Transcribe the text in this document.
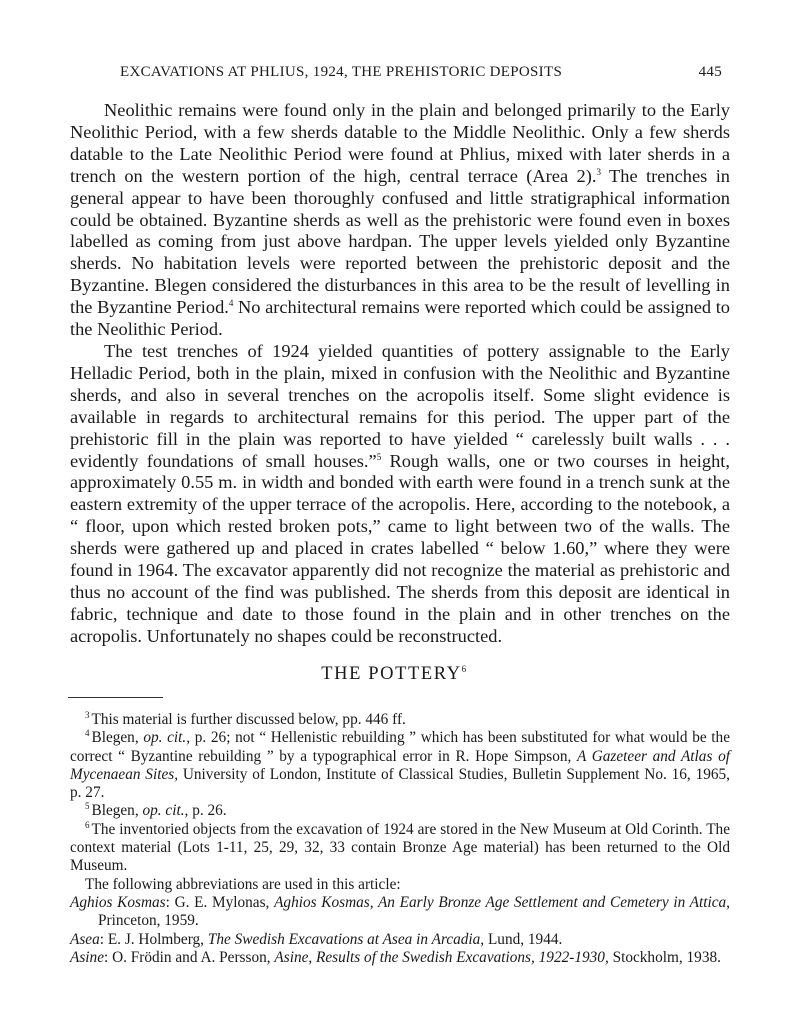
EXCAVATIONS AT PHLIUS, 1924, THE PREHISTORIC DEPOSITS	445

Neolithic remains were found only in the plain and belonged primarily to the Early Neolithic Period, with a few sherds datable to the Middle Neolithic. Only a few sherds datable to the Late Neolithic Period were found at Phlius, mixed with later sherds in a trench on the western portion of the high, central terrace (Area 2).$^3$ The trenches in general appear to have been thoroughly confused and little stratigraphical information could be obtained. Byzantine sherds as well as the prehistoric were found even in boxes labelled as coming from just above hardpan. The upper levels yielded only Byzantine sherds. No habitation levels were reported between the prehistoric deposit and the Byzantine. Blegen considered the disturbances in this area to be the result of levelling in the Byzantine Period.$^4$ No architectural remains were reported which could be assigned to the Neolithic Period.

The test trenches of 1924 yielded quantities of pottery assignable to the Early Helladic Period, both in the plain, mixed in confusion with the Neolithic and Byzantine sherds, and also in several trenches on the acropolis itself. Some slight evidence is available in regards to architectural remains for this period. The upper part of the prehistoric fill in the plain was reported to have yielded “ carelessly built walls . . . evidently foundations of small houses.”$^5$ Rough walls, one or two courses in height, approximately 0.55 m. in width and bonded with earth were found in a trench sunk at the eastern extremity of the upper terrace of the acropolis. Here, according to the notebook, a “ floor, upon which rested broken pots,” came to light between two of the walls. The sherds were gathered up and placed in crates labelled “ below 1.60,” where they were found in 1964. The excavator apparently did not recognize the material as prehistoric and thus no account of the find was published. The sherds from this deposit are identical in fabric, technique and date to those found in the plain and in other trenches on the acropolis. Unfortunately no shapes could be reconstructed.

THE POTTERY$^6$

$^3$ This material is further discussed below, pp. 446 ff.

$^4$ Blegen, op. cit., p. 26; not “ Hellenistic rebuilding ” which has been substituted for what would be the correct “ Byzantine rebuilding ” by a typographical error in R. Hope Simpson, A Gazeteer and Atlas of Mycenaean Sites, University of London, Institute of Classical Studies, Bulletin Supplement No. 16, 1965, p. 27.

$^5$ Blegen, op. cit., p. 26.

$^6$ The inventoried objects from the excavation of 1924 are stored in the New Museum at Old Corinth. The context material (Lots 1-11, 25, 29, 32, 33 contain Bronze Age material) has been returned to the Old Museum.

The following abbreviations are used in this article:

Aghios Kosmas: G. E. Mylonas, Aghios Kosmas, An Early Bronze Age Settlement and Cemetery in Attica, Princeton, 1959.

Asea: E. J. Holmberg, The Swedish Excavations at Asea in Arcadia, Lund, 1944.

Asine: O. Frödin and A. Persson, Asine, Results of the Swedish Excavations, 1922-1930, Stockholm, 1938.
